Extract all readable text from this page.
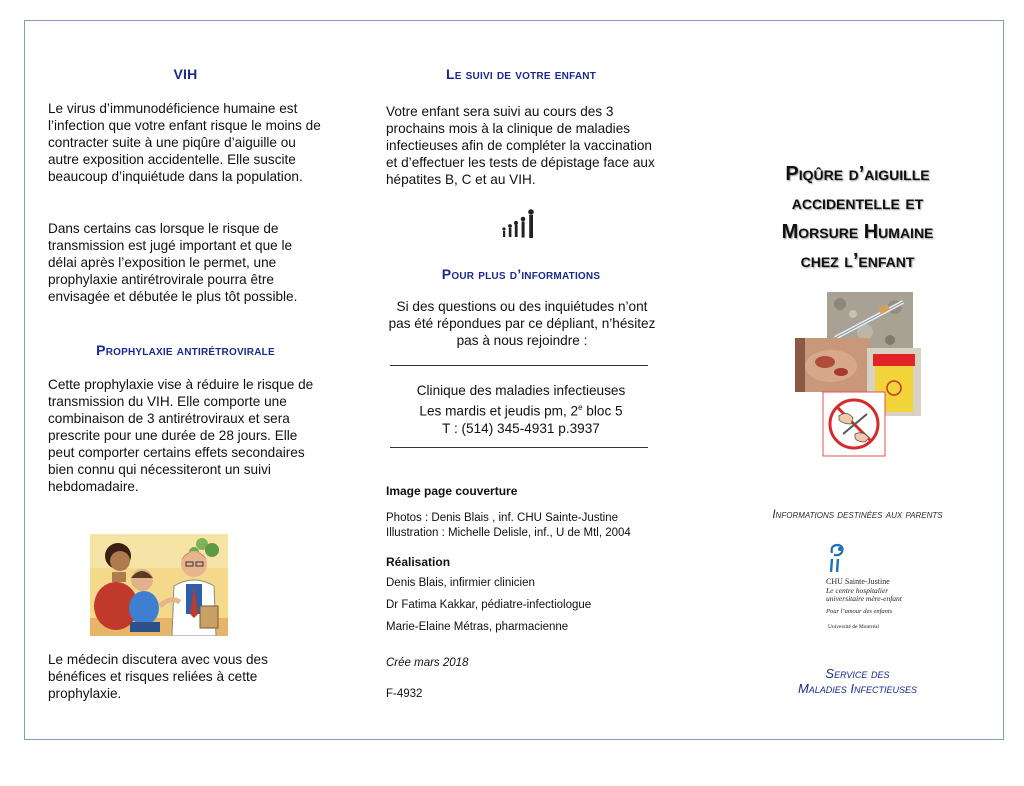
VIH

Le virus d’immunodéficience humaine est l’infection que votre enfant risque le moins de contracter suite à une piqûre d’aiguille ou autre exposition accidentelle. Elle suscite beaucoup d’inquiétude dans la population.

Dans certains cas lorsque le risque de transmission est jugé important et que le délai après l’exposition le permet, une prophylaxie antirétrovirale pourra être envisagée et débutée le plus tôt possible.

Prophylaxie antirétrovirale

Cette prophylaxie vise à réduire le risque de transmission du VIH. Elle comporte une combinaison de 3 antirétroviraux et sera prescrite pour une durée de 28 jours. Elle peut comporter certains effets secondaires bien connu qui nécessiteront un suivi hebdomadaire.

Le médecin discutera avec vous des bénéfices et risques reliées à cette prophylaxie.

Le suivi de votre enfant

Votre enfant sera suivi au cours des 3 prochains mois à la clinique de maladies infectieuses afin de compléter la vaccination et d’effectuer les tests de dépistage face aux hépatites B, C et au VIH.

Pour plus d’informations

Si des questions ou des inquiétudes n’ont pas été répondues par ce dépliant, n’hésitez pas à nous rejoindre :

Clinique des maladies infectieuses
Les mardis et jeudis pm, 2e bloc 5
T : (514) 345-4931 p.3937
Image page couverture
Photos : Denis Blais , inf. CHU Sainte-Justine
Illustration : Michelle Delisle, inf., U de Mtl, 2004
Réalisation
Denis Blais, infirmier clinicien
Dr Fatima Kakkar, pédiatre-infectiologue
Marie-Elaine Métras, pharmacienne
Crée mars 2018
F-4932
Piqûre d’aiguille
accidentelle et
Morsure Humaine
chez l’enfant
Informations destinées aux parents
CHU Sainte-Justine
Le centre hospitalier
universitaire mère-enfant
Pour l’amour des enfants
Université de Montréal
Service des
Maladies Infectieuses
